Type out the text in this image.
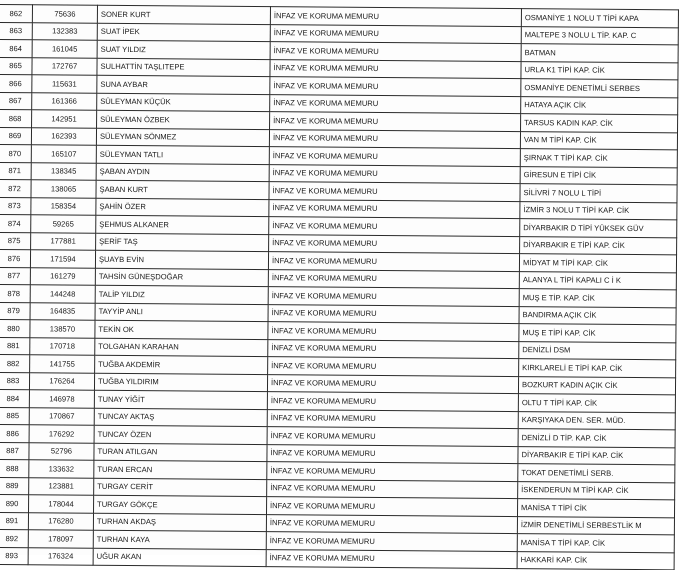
862	75636	SONER KURT	İNFAZ VE KORUMA MEMURU	OSMANİYE 1 NOLU T TİPİ KAPA
863	132383	SUAT İPEK	İNFAZ VE KORUMA MEMURU	MALTEPE 3 NOLU L TİP. KAP. C
864	161045	SUAT YILDIZ	İNFAZ VE KORUMA MEMURU	BATMAN
865	172767	SULHATTİN TAŞLITEPE	İNFAZ VE KORUMA MEMURU	URLA K1 TİPİ KAP. CİK
866	115631	SUNA AYBAR	İNFAZ VE KORUMA MEMURU	OSMANİYE DENETİMLİ SERBES
867	161366	SÜLEYMAN KÜÇÜK	İNFAZ VE KORUMA MEMURU	HATAYA AÇIK CİK
868	142951	SÜLEYMAN ÖZBEK	İNFAZ VE KORUMA MEMURU	TARSUS KADIN KAP. CİK
869	162393	SÜLEYMAN SÖNMEZ	İNFAZ VE KORUMA MEMURU	VAN M TİPİ KAP. CİK
870	165107	SÜLEYMAN TATLI	İNFAZ VE KORUMA MEMURU	ŞIRNAK T TİPİ KAP. CİK
871	138345	ŞABAN AYDIN	İNFAZ VE KORUMA MEMURU	GİRESUN E TİPİ CİK
872	138065	ŞABAN KURT	İNFAZ VE KORUMA MEMURU	SİLİVRİ 7 NOLU L TİPİ
873	158354	ŞAHİN ÖZER	İNFAZ VE KORUMA MEMURU	İZMİR 3 NOLU T TİPİ KAP. CİK
874	59265	ŞEHMUS ALKANER	İNFAZ VE KORUMA MEMURU	DİYARBAKIR D TİPİ YÜKSEK GÜV
875	177881	ŞERİF TAŞ	İNFAZ VE KORUMA MEMURU	DİYARBAKIR E TİPİ KAP. CİK
876	171594	ŞUAYB EVİN	İNFAZ VE KORUMA MEMURU	MİDYAT M TİPİ KAP. CİK
877	161279	TAHSİN GÜNEŞDOĞAR	İNFAZ VE KORUMA MEMURU	ALANYA L TİPİ KAPALI C İ K
878	144248	TALİP YILDIZ	İNFAZ VE KORUMA MEMURU	MUŞ E TİP. KAP. CİK
879	164835	TAYYİP ANLI	İNFAZ VE KORUMA MEMURU	BANDIRMA AÇIK CİK
880	138570	TEKİN OK	İNFAZ VE KORUMA MEMURU	MUŞ E TİPİ KAP. CİK
881	170718	TOLGAHAN KARAHAN	İNFAZ VE KORUMA MEMURU	DENİZLİ DSM
882	141755	TUĞBA AKDEMİR	İNFAZ VE KORUMA MEMURU	KIRKLARELİ E TİPİ KAP. CİK
883	176264	TUĞBA YILDIRIM	İNFAZ VE KORUMA MEMURU	BOZKURT KADIN AÇIK CİK
884	146978	TUNAY YİĞİT	İNFAZ VE KORUMA MEMURU	OLTU T TİPİ KAP. CİK
885	170867	TUNCAY AKTAŞ	İNFAZ VE KORUMA MEMURU	KARŞIYAKA DEN. SER. MÜD.
886	176292	TUNCAY ÖZEN	İNFAZ VE KORUMA MEMURU	DENİZLİ D TİP. KAP. CİK
887	52796	TURAN ATILGAN	İNFAZ VE KORUMA MEMURU	DİYARBAKIR E TİPİ KAP. CİK
888	133632	TURAN ERCAN	İNFAZ VE KORUMA MEMURU	TOKAT DENETİMLİ SERB.
889	123881	TURGAY CERİT	İNFAZ VE KORUMA MEMURU	İSKENDERUN M TİPİ KAP. CİK
890	178044	TURGAY GÖKÇE	İNFAZ VE KORUMA MEMURU	MANİSA T TİPİ CİK
891	176280	TURHAN AKDAŞ	İNFAZ VE KORUMA MEMURU	İZMİR DENETİMLİ SERBESTLİK M
892	178097	TURHAN KAYA	İNFAZ VE KORUMA MEMURU	MANİSA T TİPİ KAP. CİK
893	176324	UĞUR AKAN	İNFAZ VE KORUMA MEMURU	HAKKARİ KAP. CİK
